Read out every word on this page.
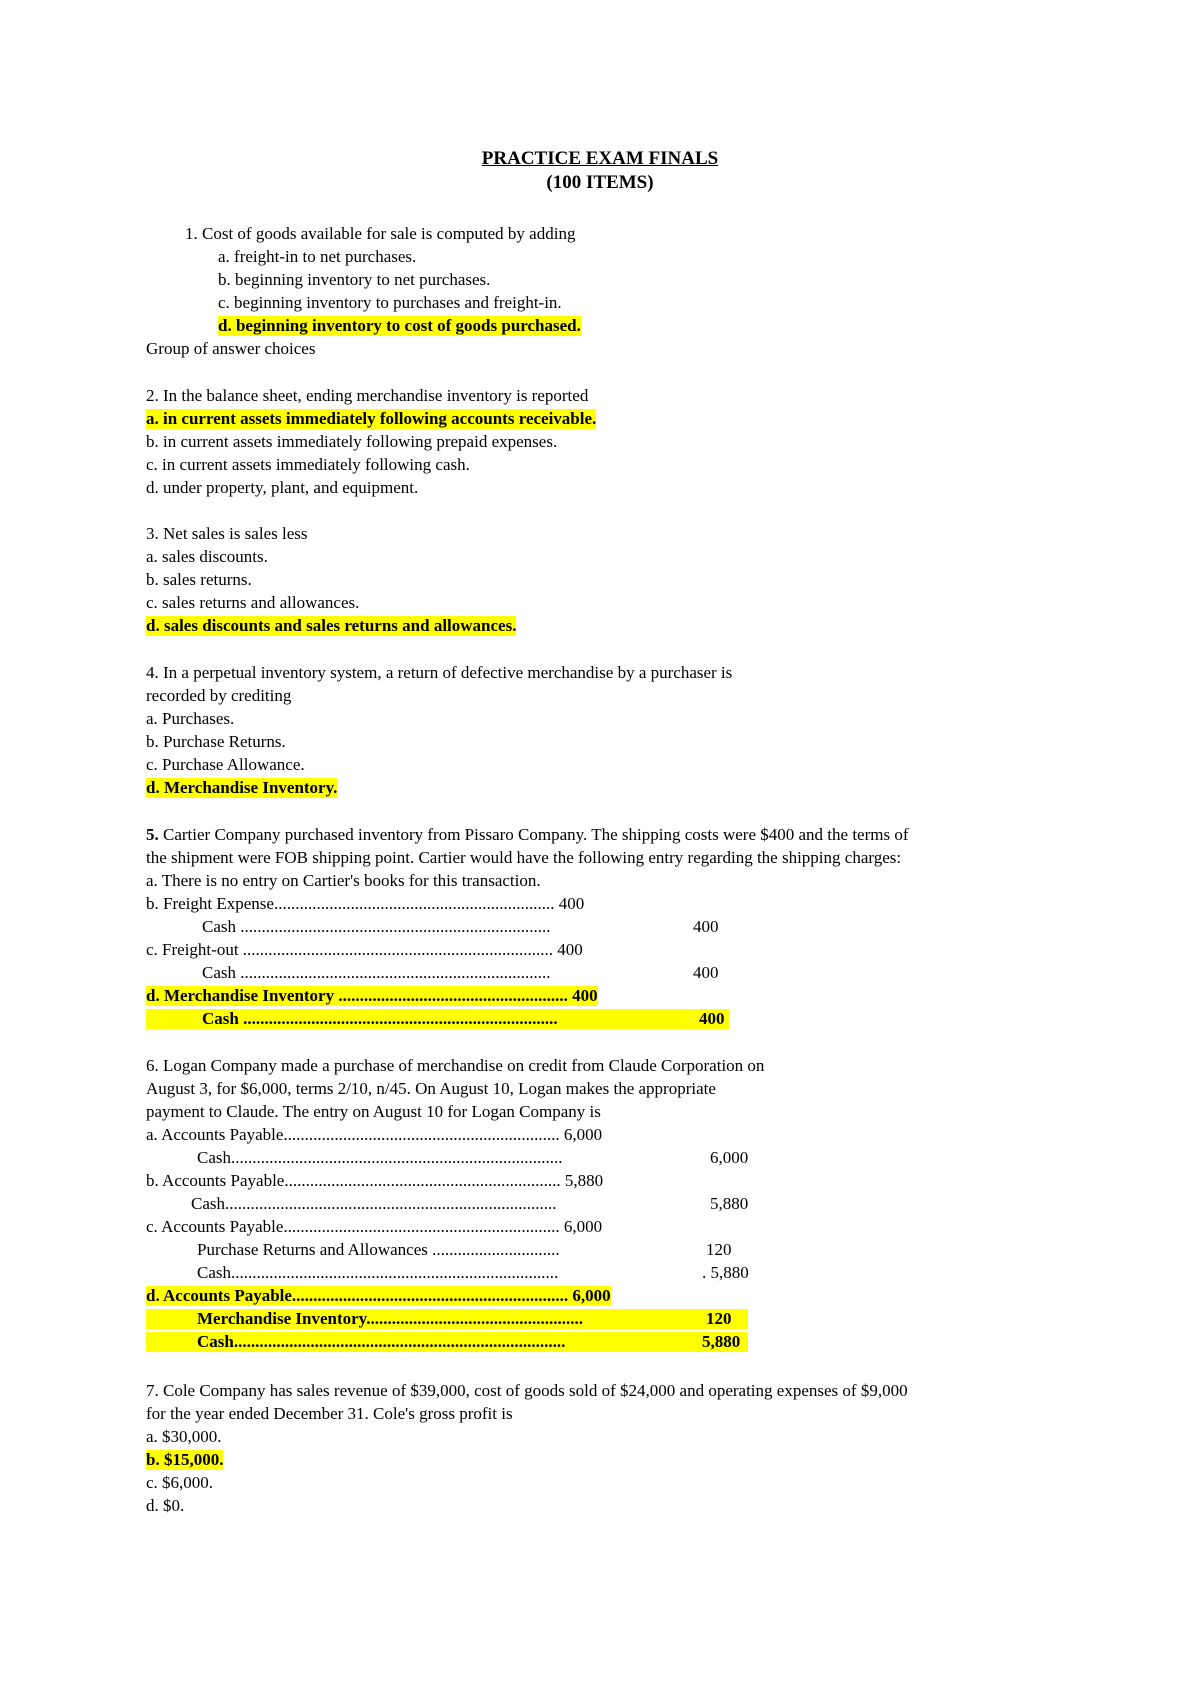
PRACTICE EXAM FINALS
(100 ITEMS)
1. Cost of goods available for sale is computed by adding
a. freight-in to net purchases.
b. beginning inventory to net purchases.
c. beginning inventory to purchases and freight-in.
d. beginning inventory to cost of goods purchased.
Group of answer choices
2. In the balance sheet, ending merchandise inventory is reported
a. in current assets immediately following accounts receivable.
b. in current assets immediately following prepaid expenses.
c. in current assets immediately following cash.
d. under property, plant, and equipment.
3. Net sales is sales less
a. sales discounts.
b. sales returns.
c. sales returns and allowances.
d. sales discounts and sales returns and allowances.
4. In a perpetual inventory system, a return of defective merchandise by a purchaser is
recorded by crediting
a. Purchases.
b. Purchase Returns.
c. Purchase Allowance.
d. Merchandise Inventory.
5. Cartier Company purchased inventory from Pissaro Company. The shipping costs were $400 and the terms of
the shipment were FOB shipping point. Cartier would have the following entry regarding the shipping charges:
a. There is no entry on Cartier's books for this transaction.
b. Freight Expense.................................................................. 400
Cash .........................................................................	400
c. Freight-out ......................................................................... 400
Cash .........................................................................	400
d. Merchandise Inventory ...................................................... 400
Cash ..........................................................................	400

6. Logan Company made a purchase of merchandise on credit from Claude Corporation on
August 3, for $6,000, terms 2/10, n/45. On August 10, Logan makes the appropriate
payment to Claude. The entry on August 10 for Logan Company is
a. Accounts Payable................................................................. 6,000
Cash..............................................................................	6,000
b. Accounts Payable................................................................. 5,880
Cash..............................................................................	5,880
c. Accounts Payable................................................................. 6,000
Purchase Returns and Allowances ..............................	120
Cash.............................................................................	. 5,880
d. Accounts Payable................................................................. 6,000
Merchandise Inventory...................................................	120

Cash..............................................................................	5,880

7. Cole Company has sales revenue of $39,000, cost of goods sold of $24,000 and operating expenses of $9,000
for the year ended December 31. Cole's gross profit is
a. $30,000.
b. $15,000.
c. $6,000.
d. $0.
